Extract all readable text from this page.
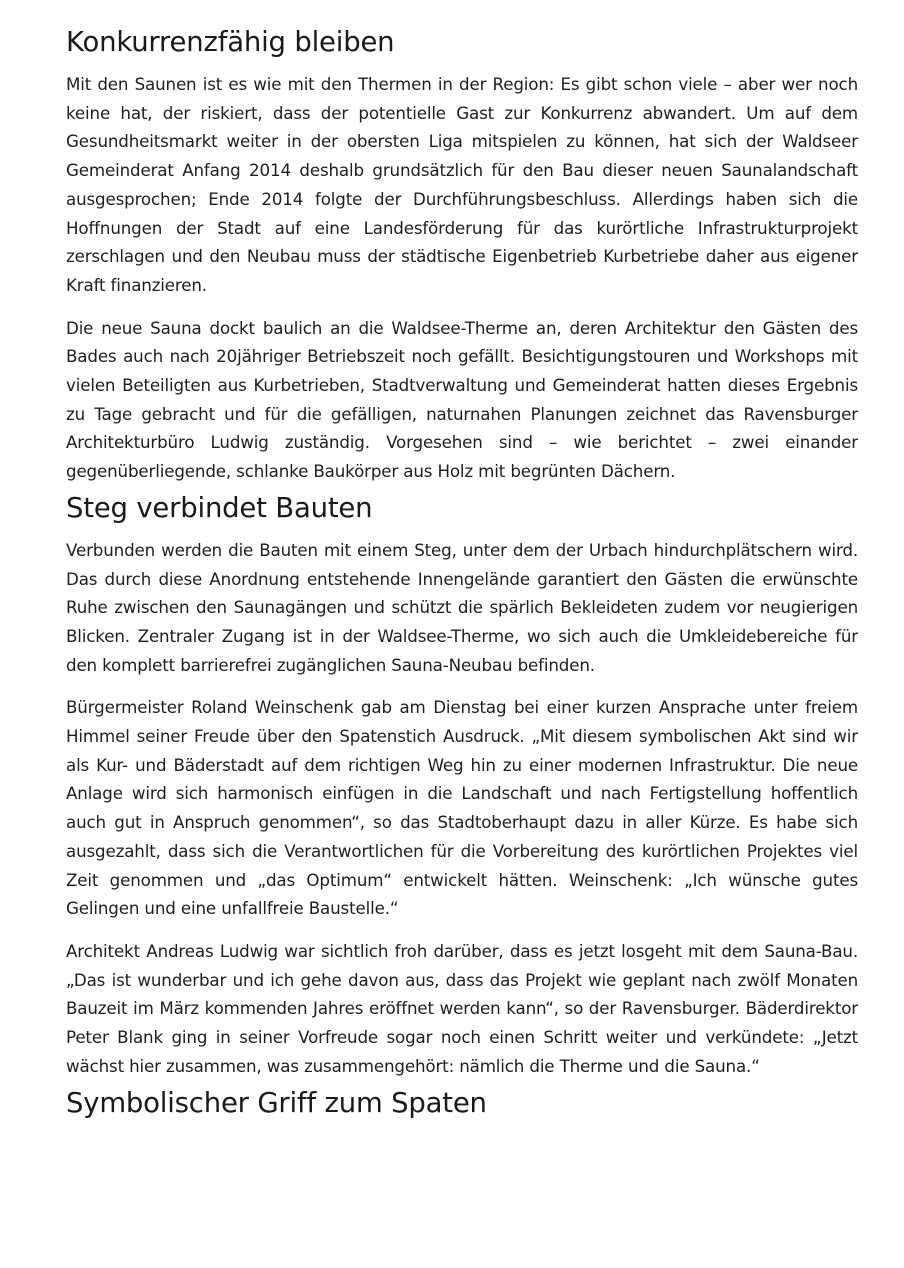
Konkurrenzfähig bleiben

Mit den Saunen ist es wie mit den Thermen in der Region: Es gibt schon viele – aber wer noch keine hat, der riskiert, dass der potentielle Gast zur Konkurrenz abwandert. Um auf dem Gesundheitsmarkt weiter in der obersten Liga mitspielen zu können, hat sich der Waldseer Gemeinderat Anfang 2014 deshalb grundsätzlich für den Bau dieser neuen Saunalandschaft ausgesprochen; Ende 2014 folgte der Durchführungsbeschluss. Allerdings haben sich die Hoffnungen der Stadt auf eine Landesförderung für das kurörtliche Infrastrukturprojekt zerschlagen und den Neubau muss der städtische Eigenbetrieb Kurbetriebe daher aus eigener Kraft finanzieren.

Die neue Sauna dockt baulich an die Waldsee-Therme an, deren Architektur den Gästen des Bades auch nach 20jähriger Betriebszeit noch gefällt. Besichtigungstouren und Workshops mit vielen Beteiligten aus Kurbetrieben, Stadtverwaltung und Gemeinderat hatten dieses Ergebnis zu Tage gebracht und für die gefälligen, naturnahen Planungen zeichnet das Ravensburger Architekturbüro Ludwig zuständig. Vorgesehen sind – wie berichtet – zwei einander gegenüberliegende, schlanke Baukörper aus Holz mit begrünten Dächern.

Steg verbindet Bauten

Verbunden werden die Bauten mit einem Steg, unter dem der Urbach hindurchplätschern wird. Das durch diese Anordnung entstehende Innengelände garantiert den Gästen die erwünschte Ruhe zwischen den Saunagängen und schützt die spärlich Bekleideten zudem vor neugierigen Blicken. Zentraler Zugang ist in der Waldsee-Therme, wo sich auch die Umkleidebereiche für den komplett barrierefrei zugänglichen Sauna-Neubau befinden.

Bürgermeister Roland Weinschenk gab am Dienstag bei einer kurzen Ansprache unter freiem Himmel seiner Freude über den Spatenstich Ausdruck. „Mit diesem symbolischen Akt sind wir als Kur- und Bäderstadt auf dem richtigen Weg hin zu einer modernen Infrastruktur. Die neue Anlage wird sich harmonisch einfügen in die Landschaft und nach Fertigstellung hoffentlich auch gut in Anspruch genommen“, so das Stadtoberhaupt dazu in aller Kürze. Es habe sich ausgezahlt, dass sich die Verantwortlichen für die Vorbereitung des kurörtlichen Projektes viel Zeit genommen und „das Optimum“ entwickelt hätten. Weinschenk: „Ich wünsche gutes Gelingen und eine unfallfreie Baustelle.“

Architekt Andreas Ludwig war sichtlich froh darüber, dass es jetzt losgeht mit dem Sauna-Bau. „Das ist wunderbar und ich gehe davon aus, dass das Projekt wie geplant nach zwölf Monaten Bauzeit im März kommenden Jahres eröffnet werden kann“, so der Ravensburger. Bäderdirektor Peter Blank ging in seiner Vorfreude sogar noch einen Schritt weiter und verkündete: „Jetzt wächst hier zusammen, was zusammengehört: nämlich die Therme und die Sauna.“

Symbolischer Griff zum Spaten
